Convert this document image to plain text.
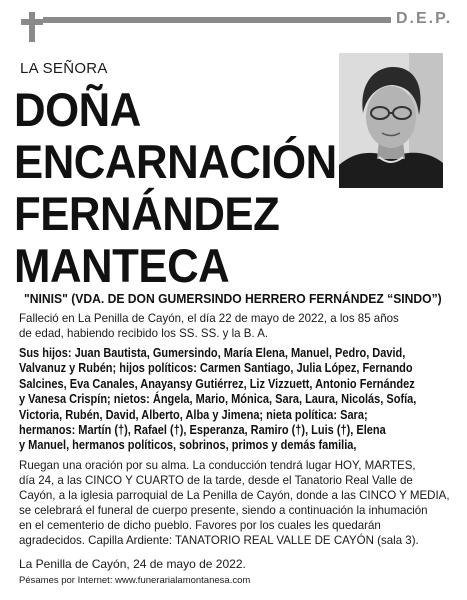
D.E.P.
LA SEÑORA
DOÑA
ENCARNACIÓN
FERNÁNDEZ
MANTECA
"NINIS" (VDA. DE DON GUMERSINDO HERRERO FERNÁNDEZ “SINDO”)
Falleció en La Penilla de Cayón, el día 22 de mayo de 2022, a los 85 años
de edad, habiendo recibido los SS. SS. y la B. A.
Sus hijos: Juan Bautista, Gumersindo, María Elena, Manuel, Pedro, David,
Valvanuz y Rubén; hijos políticos: Carmen Santiago, Julia López, Fernando
Salcines, Eva Canales, Anayansy Gutiérrez, Liz Vizzuett, Antonio Fernández
y Vanesa Crispín; nietos: Ángela, Mario, Mónica, Sara, Laura, Nicolás, Sofía,
Victoria, Rubén, David, Alberto, Alba y Jimena; nieta política: Sara;
hermanos: Martín (†), Rafael (†), Esperanza, Ramiro (†), Luis (†), Elena
y Manuel, hermanos políticos, sobrinos, primos y demás familia,
Ruegan una oración por su alma. La conducción tendrá lugar HOY, MARTES,
día 24, a las CINCO Y CUARTO de la tarde, desde el Tanatorio Real Valle de
Cayón, a la iglesia parroquial de La Penilla de Cayón, donde a las CINCO Y MEDIA,
se celebrará el funeral de cuerpo presente, siendo a continuación la inhumación
en el cementerio de dicho pueblo. Favores por los cuales les quedarán
agradecidos. Capilla Ardiente: TANATORIO REAL VALLE DE CAYÓN (sala 3).
La Penilla de Cayón, 24 de mayo de 2022.
Pésames por Internet: www.funerarialamontanesa.com
